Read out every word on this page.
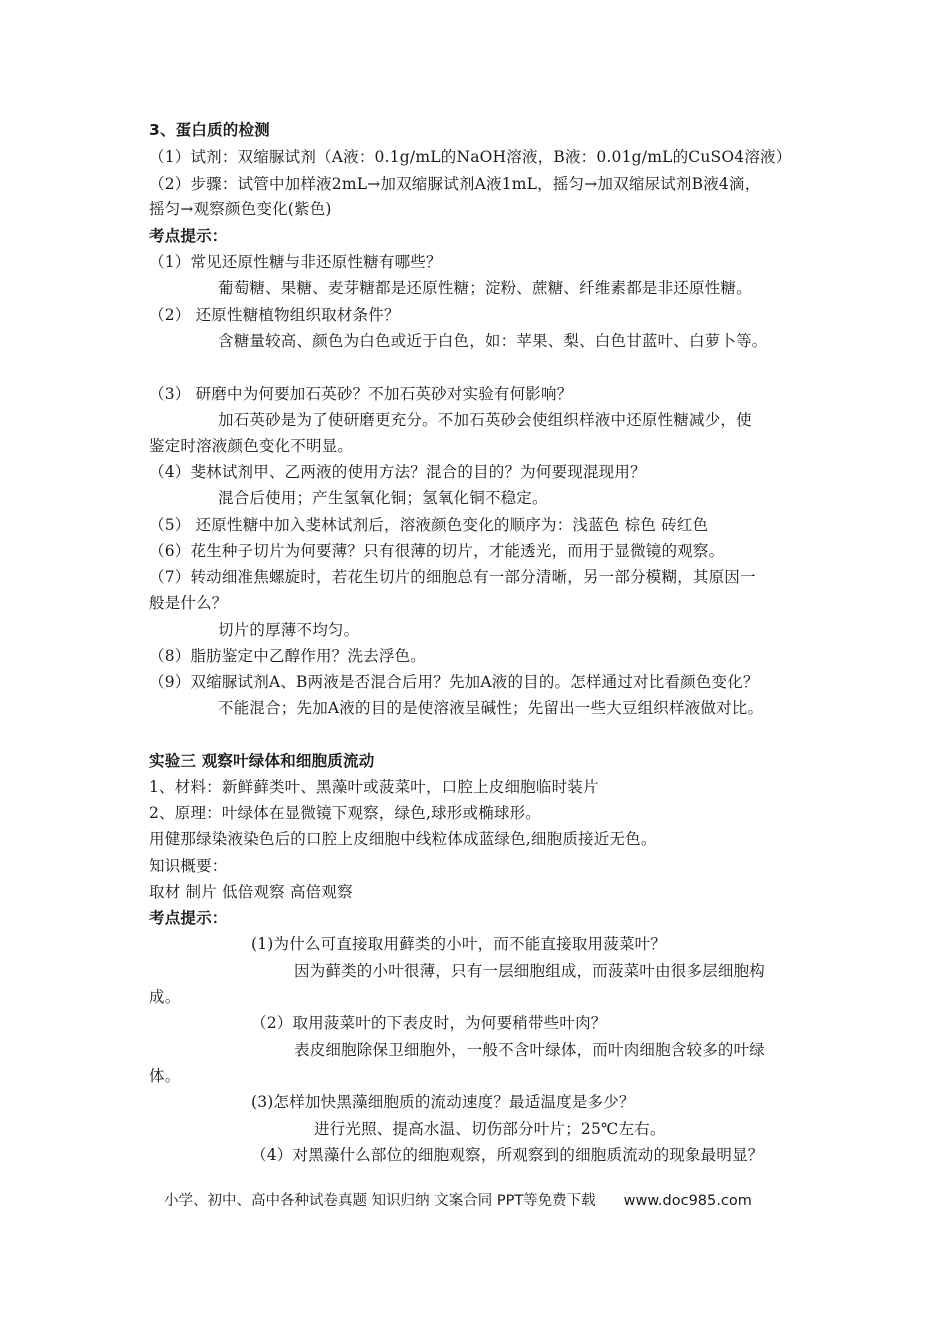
3、蛋白质的检测
（1）试剂：双缩脲试剂（A液：0.1g/mL的NaOH溶液，B液：0.01g/mL的CuSO4溶液）
（2）步骤：试管中加样液2mL→加双缩脲试剂A液1mL，摇匀→加双缩尿试剂B液4滴，
摇匀→观察颜色变化(紫色)
考点提示：
（1）常见还原性糖与非还原性糖有哪些？
葡萄糖、果糖、麦芽糖都是还原性糖；淀粉、蔗糖、纤维素都是非还原性糖。
（2） 还原性糖植物组织取材条件？
含糖量较高、颜色为白色或近于白色，如：苹果、梨、白色甘蓝叶、白萝卜等。
（3） 研磨中为何要加石英砂？不加石英砂对实验有何影响？
加石英砂是为了使研磨更充分。不加石英砂会使组织样液中还原性糖减少，使
鉴定时溶液颜色变化不明显。
（4）斐林试剂甲、乙两液的使用方法？混合的目的？为何要现混现用？
混合后使用；产生氢氧化铜；氢氧化铜不稳定。
（5） 还原性糖中加入斐林试剂后，溶液颜色变化的顺序为：浅蓝色 棕色 砖红色
（6）花生种子切片为何要薄？只有很薄的切片，才能透光，而用于显微镜的观察。
（7）转动细准焦螺旋时，若花生切片的细胞总有一部分清晰，另一部分模糊，其原因一
般是什么？
切片的厚薄不均匀。
（8）脂肪鉴定中乙醇作用？洗去浮色。
（9）双缩脲试剂A、B两液是否混合后用？先加A液的目的。怎样通过对比看颜色变化？
不能混合；先加A液的目的是使溶液呈碱性；先留出一些大豆组织样液做对比。
实验三 观察叶绿体和细胞质流动
1、材料：新鲜藓类叶、黑藻叶或菠菜叶，口腔上皮细胞临时装片
2、原理：叶绿体在显微镜下观察，绿色,球形或椭球形。
用健那绿染液染色后的口腔上皮细胞中线粒体成蓝绿色,细胞质接近无色。
知识概要：
取材 制片 低倍观察 高倍观察
考点提示：
(1)为什么可直接取用藓类的小叶，而不能直接取用菠菜叶？
因为藓类的小叶很薄，只有一层细胞组成，而菠菜叶由很多层细胞构
成。
（2）取用菠菜叶的下表皮时，为何要稍带些叶肉？
表皮细胞除保卫细胞外，一般不含叶绿体，而叶肉细胞含较多的叶绿
体。
(3)怎样加快黑藻细胞质的流动速度？最适温度是多少？
进行光照、提高水温、切伤部分叶片；25℃左右。
（4）对黑藻什么部位的细胞观察，所观察到的细胞质流动的现象最明显？
小学、初中、高中各种试卷真题 知识归纳 文案合同 PPT等免费下载 www.doc985.com
